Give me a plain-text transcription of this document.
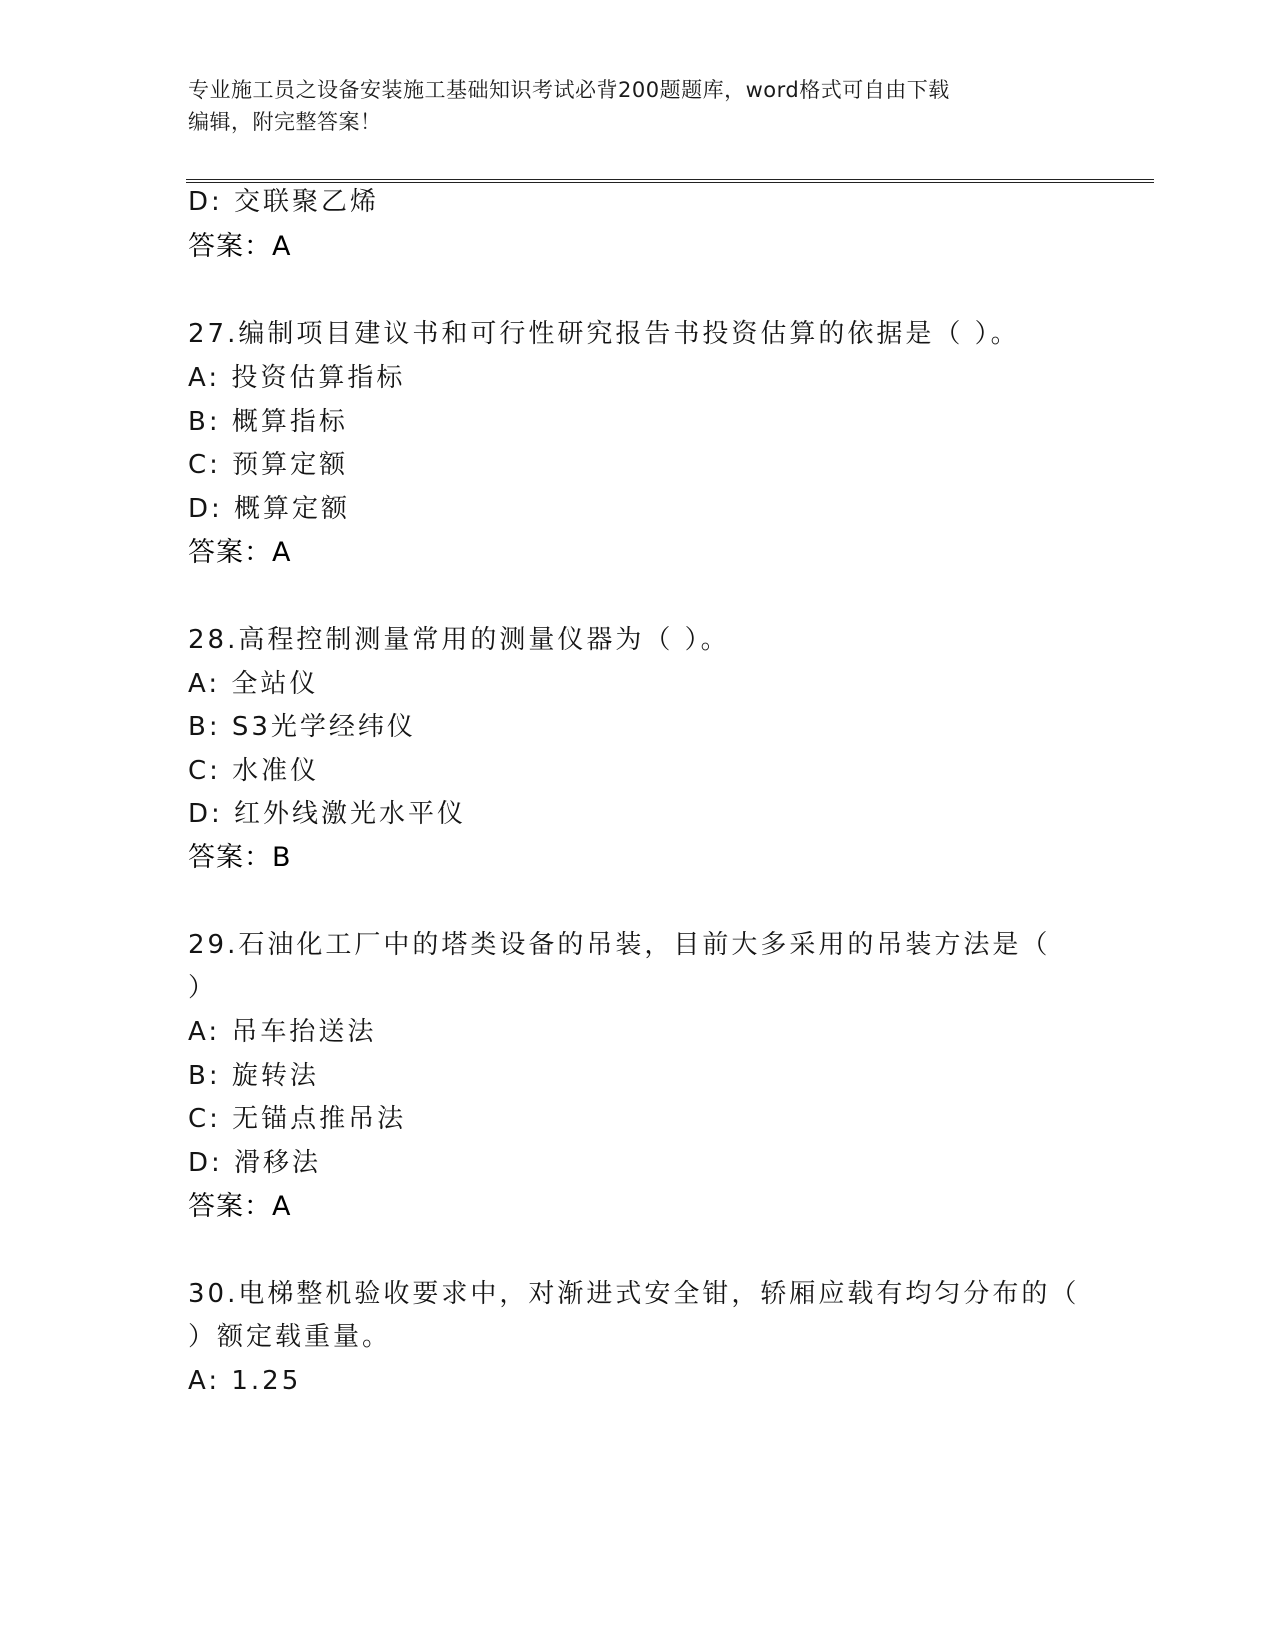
专业施工员之设备安装施工基础知识考试必背200题题库，word格式可自由下载
编辑，附完整答案！
D: 交联聚乙烯
答案：A
27.编制项目建议书和可行性研究报告书投资估算的依据是（ ）。
A: 投资估算指标
B: 概算指标
C: 预算定额
D: 概算定额
答案：A
28.高程控制测量常用的测量仪器为（ ）。
A: 全站仪
B: S3光学经纬仪
C: 水准仪
D: 红外线激光水平仪
答案：B
29.石油化工厂中的塔类设备的吊装，目前大多采用的吊装方法是（
）
A: 吊车抬送法
B: 旋转法
C: 无锚点推吊法
D: 滑移法
答案：A
30.电梯整机验收要求中，对渐进式安全钳，轿厢应载有均匀分布的（
）额定载重量。
A: 1.25
